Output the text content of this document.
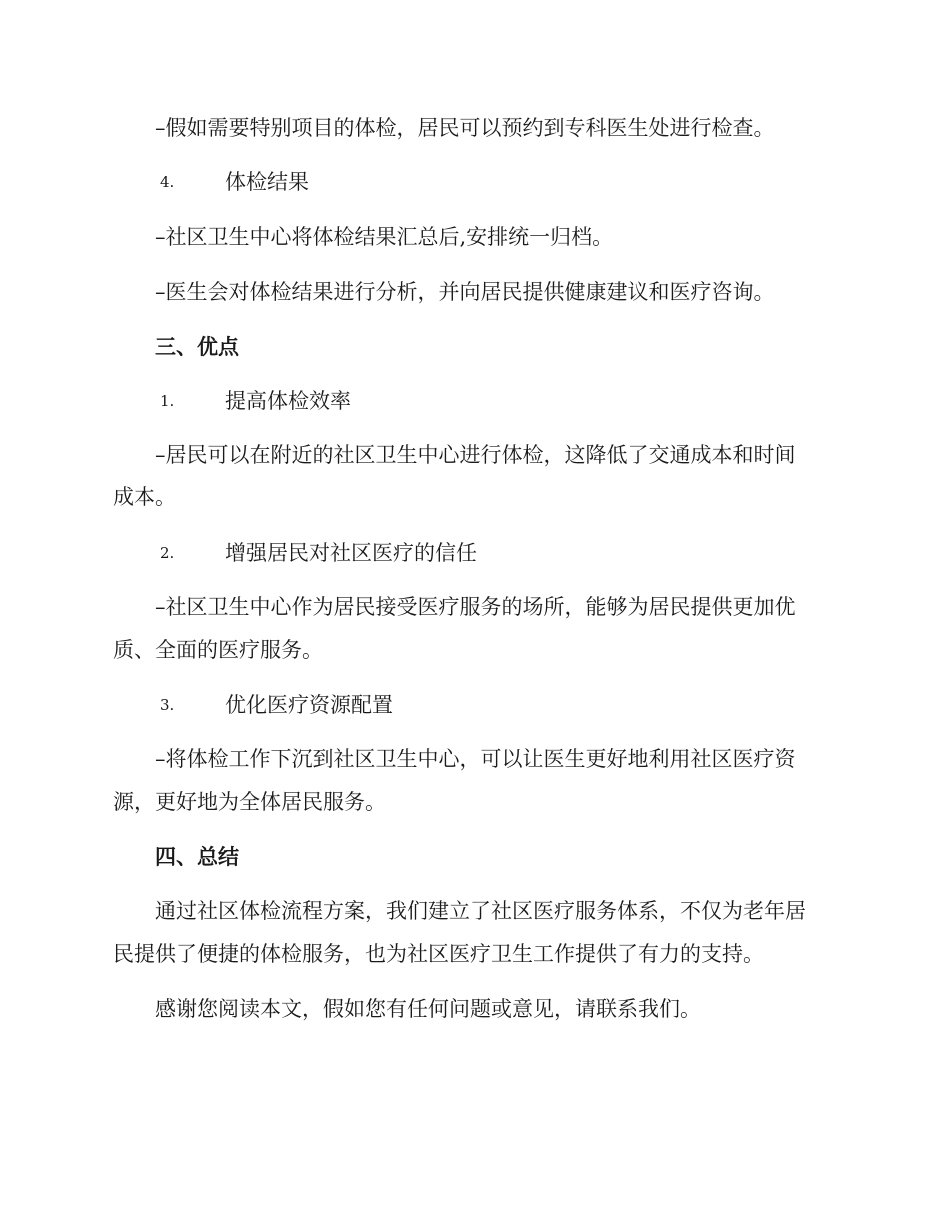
–假如需要特别项目的体检，居民可以预约到专科医生处进行检查。
4. 体检结果
–社区卫生中心将体检结果汇总后,安排统一归档。
–医生会对体检结果进行分析，并向居民提供健康建议和医疗咨询。
三、优点
1. 提高体检效率
–居民可以在附近的社区卫生中心进行体检，这降低了交通成本和时间
成本。
2. 增强居民对社区医疗的信任
–社区卫生中心作为居民接受医疗服务的场所，能够为居民提供更加优
质、全面的医疗服务。
3. 优化医疗资源配置
–将体检工作下沉到社区卫生中心，可以让医生更好地利用社区医疗资
源，更好地为全体居民服务。
四、总结
通过社区体检流程方案，我们建立了社区医疗服务体系，不仅为老年居
民提供了便捷的体检服务，也为社区医疗卫生工作提供了有力的支持。
感谢您阅读本文，假如您有任何问题或意见，请联系我们。
